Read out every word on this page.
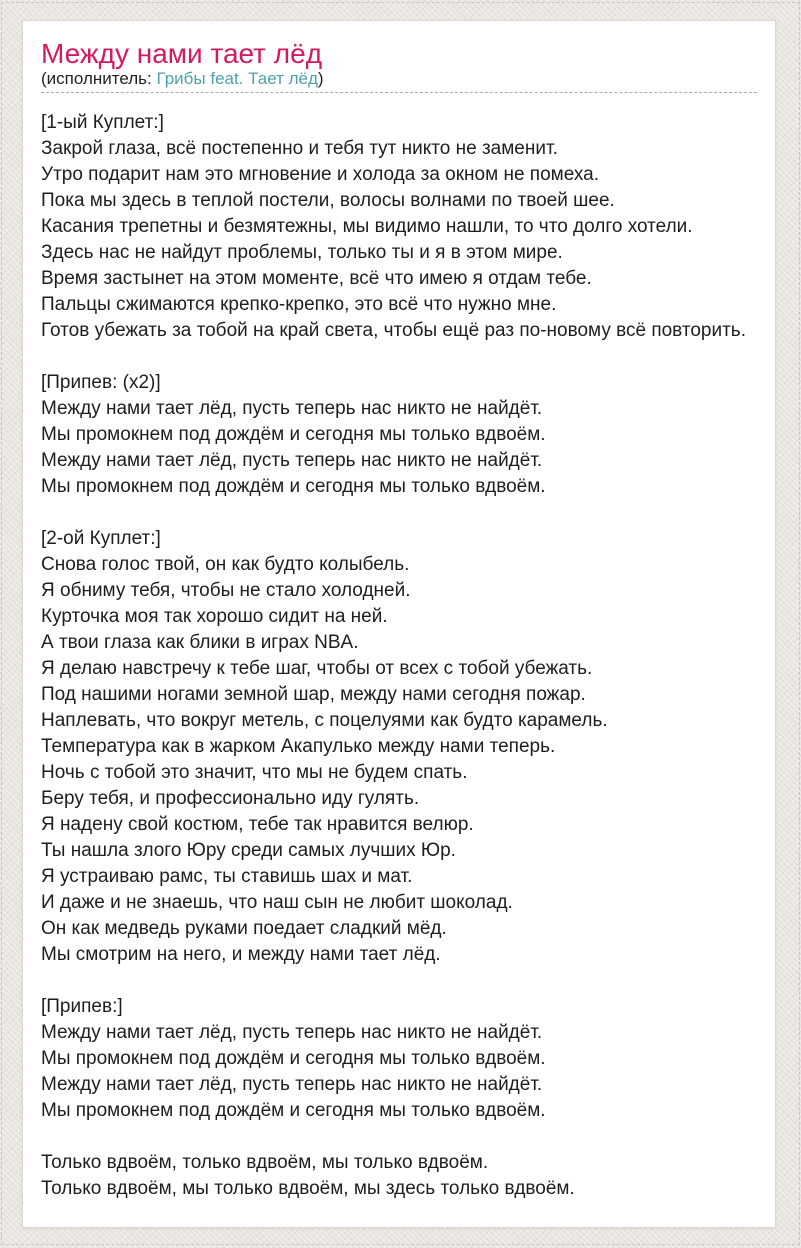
Между нами тает лёд
(исполнитель: Грибы feat. Тает лёд)
[1-ый Куплет:]
Закрой глаза, всё постепенно и тебя тут никто не заменит.
Утро подарит нам это мгновение и холода за окном не помеха.
Пока мы здесь в теплой постели, волосы волнами по твоей шее.
Касания трепетны и безмятежны, мы видимо нашли, то что долго хотели.
Здесь нас не найдут проблемы, только ты и я в этом мире.
Время застынет на этом моменте, всё что имею я отдам тебе.
Пальцы сжимаются крепко-крепко, это всё что нужно мне.
Готов убежать за тобой на край света, чтобы ещё раз по-новому всё повторить.
[Припев: (x2)]
Между нами тает лёд, пусть теперь нас никто не найдёт.
Мы промокнем под дождём и сегодня мы только вдвоём.
Между нами тает лёд, пусть теперь нас никто не найдёт.
Мы промокнем под дождём и сегодня мы только вдвоём.
[2-ой Куплет:]
Снова голос твой, он как будто колыбель.
Я обниму тебя, чтобы не стало холодней.
Курточка моя так хорошо сидит на ней.
А твои глаза как блики в играх NBA.
Я делаю навстречу к тебе шаг, чтобы от всех с тобой убежать.
Под нашими ногами земной шар, между нами сегодня пожар.
Наплевать, что вокруг метель, с поцелуями как будто карамель.
Температура как в жарком Акапулько между нами теперь.
Ночь с тобой это значит, что мы не будем спать.
Беру тебя, и профессионально иду гулять.
Я надену свой костюм, тебе так нравится велюр.
Ты нашла злого Юру среди самых лучших Юр.
Я устраиваю рамс, ты ставишь шах и мат.
И даже и не знаешь, что наш сын не любит шоколад.
Он как медведь руками поедает сладкий мёд.
Мы смотрим на него, и между нами тает лёд.
[Припев:]
Между нами тает лёд, пусть теперь нас никто не найдёт.
Мы промокнем под дождём и сегодня мы только вдвоём.
Между нами тает лёд, пусть теперь нас никто не найдёт.
Мы промокнем под дождём и сегодня мы только вдвоём.
Только вдвоём, только вдвоём, мы только вдвоём.
Только вдвоём, мы только вдвоём, мы здесь только вдвоём.
